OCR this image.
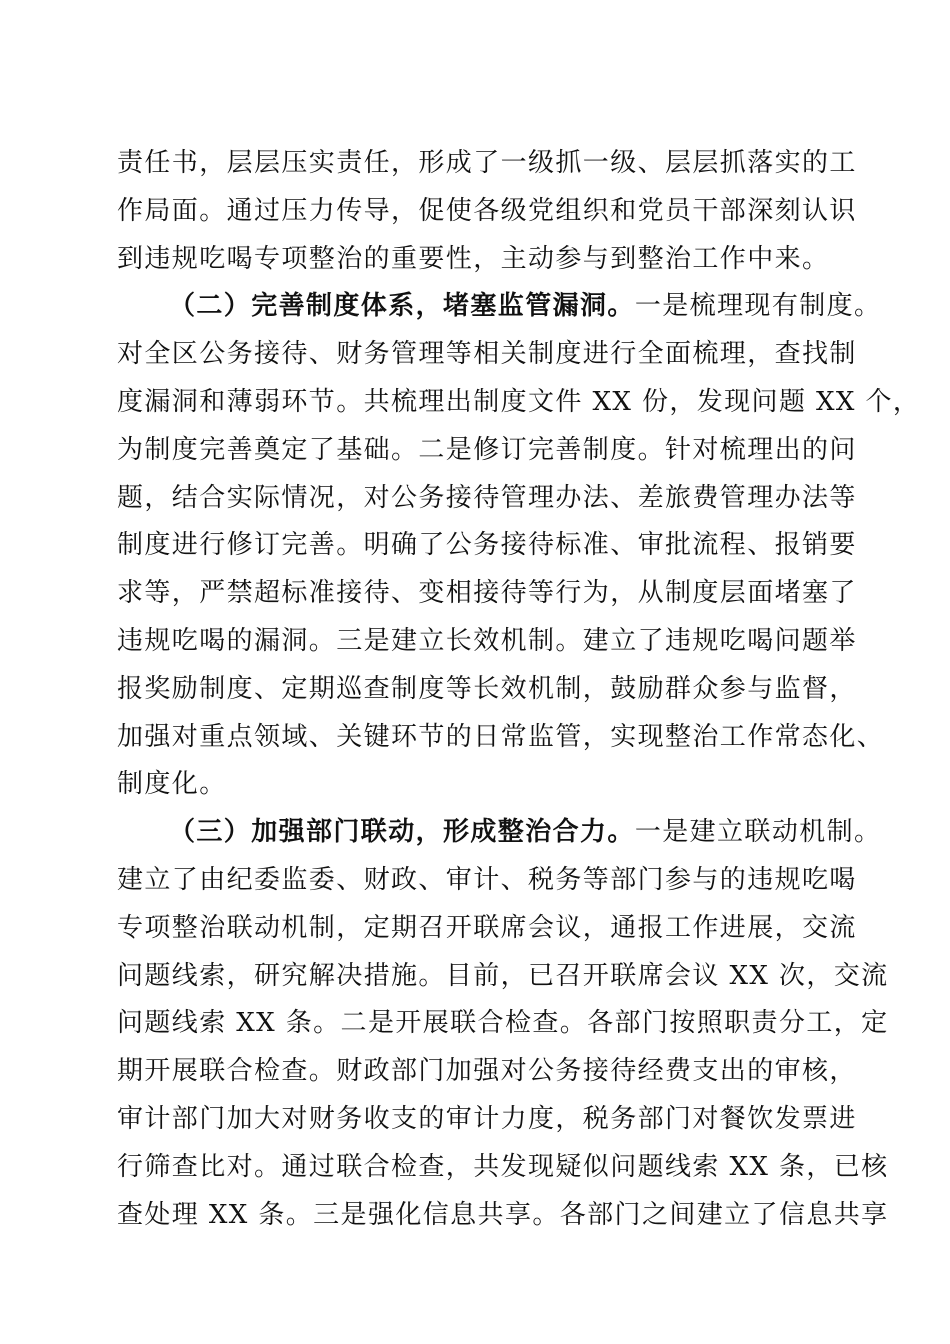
责任书，层层压实责任，形成了一级抓一级、层层抓落实的工
作局面。通过压力传导，促使各级党组织和党员干部深刻认识
到违规吃喝专项整治的重要性，主动参与到整治工作中来。
（二）完善制度体系，堵塞监管漏洞。一是梳理现有制度。
对全区公务接待、财务管理等相关制度进行全面梳理，查找制
度漏洞和薄弱环节。共梳理出制度文件 XX 份，发现问题 XX 个，
为制度完善奠定了基础。二是修订完善制度。针对梳理出的问
题，结合实际情况，对公务接待管理办法、差旅费管理办法等
制度进行修订完善。明确了公务接待标准、审批流程、报销要
求等，严禁超标准接待、变相接待等行为，从制度层面堵塞了
违规吃喝的漏洞。三是建立长效机制。建立了违规吃喝问题举
报奖励制度、定期巡查制度等长效机制，鼓励群众参与监督，
加强对重点领域、关键环节的日常监管，实现整治工作常态化、
制度化。
（三）加强部门联动，形成整治合力。一是建立联动机制。
建立了由纪委监委、财政、审计、税务等部门参与的违规吃喝
专项整治联动机制，定期召开联席会议，通报工作进展，交流
问题线索，研究解决措施。目前，已召开联席会议 XX 次，交流
问题线索 XX 条。二是开展联合检查。各部门按照职责分工，定
期开展联合检查。财政部门加强对公务接待经费支出的审核，
审计部门加大对财务收支的审计力度，税务部门对餐饮发票进
行筛查比对。通过联合检查，共发现疑似问题线索 XX 条，已核
查处理 XX 条。三是强化信息共享。各部门之间建立了信息共享
